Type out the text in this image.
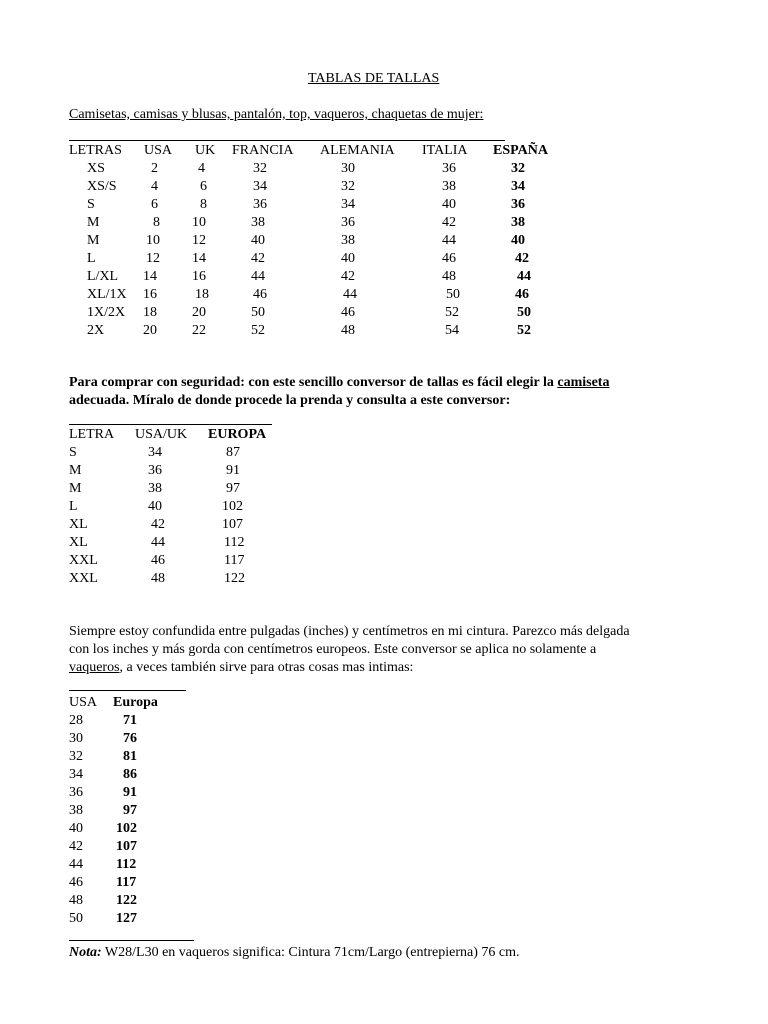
TABLAS DE TALLAS
Camisetas, camisas y blusas, pantalón, top, vaqueros, chaquetas de mujer:
LETRAS USA UK FRANCIA ALEMANIA ITALIA ESPAÑA
XS	2	4	32	30	36	32
XS/S 4	6	34	32	38	34
S	6	8	36	34	40	36
M	8 10	38	36	42	38
M	10 12	40	38	44	40
L	12 14	42	40	46	42
L/XL 14	16	44	42	48	44
XL/1X 16	18	46	44	50	46
1X/2X 18	20	50	46	52	50
2X	20	22	52	48	54	52
Para comprar con seguridad: con este sencillo conversor de tallas es fácil elegir la camiseta
adecuada. Míralo de donde procede la prenda y consulta a este conversor:
LETRA USA/UK EUROPA
S	34	87
M	36	91
M	38	97
L	40	102
XL	42	107
XL	44	112
XXL	46	117
XXL	48	122
Siempre estoy confundida entre pulgadas (inches) y centímetros en mi cintura. Parezco más delgada
con los inches y más gorda con centímetros europeos. Este conversor se aplica no solamente a
vaqueros, a veces también sirve para otras cosas mas intimas:
USA Europa
28	71
30	76
32	81
34	86
36	91
38	97
40 102
42 107
44 112
46 117
48 122
50 127
Nota: W28/L30 en vaqueros significa: Cintura 71cm/Largo (entrepierna) 76 cm.
